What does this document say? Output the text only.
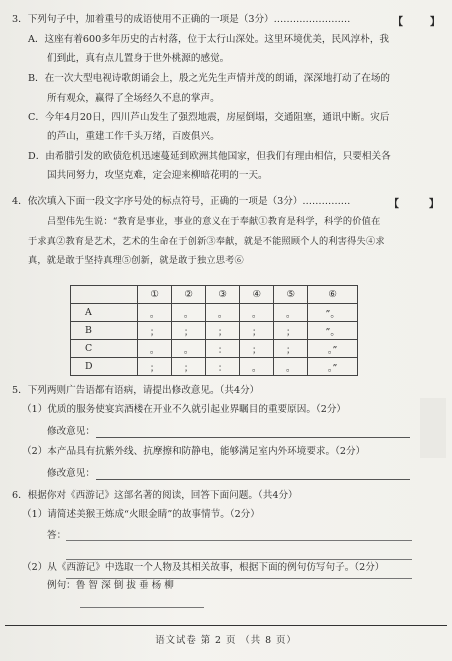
3．下列句子中，加着重号的成语使用不正确的一项是（3分）……………………	【	】
A．这座有着600多年历史的古村落，位于太行山深处。这里环境优美，民风淳朴，我
们到此，真有点儿置身于世外桃源的感觉。
B．在一次大型电视诗歌朗诵会上，殷之光先生声情并茂的朗诵，深深地打动了在场的
所有观众，赢得了全场经久不息的掌声。
C．今年4月20日，四川芦山发生了强烈地震，房屋倒塌，交通阻塞，通讯中断。灾后
的芦山，重建工作千头万绪，百废俱兴。
D．由希腊引发的欧债危机迅速蔓延到欧洲其他国家，但我们有理由相信，只要相关各
国共同努力，攻坚克难，定会迎来柳暗花明的一天。
4．依次填入下面一段文字序号处的标点符号，正确的一项是（3分）……………	【	】
吕型伟先生说：“教育是事业，事业的意义在于奉献①教育是科学，科学的价值在
于求真②教育是艺术，艺术的生命在于创新③奉献，就是不能照顾个人的利害得失④求
真，就是敢于坚持真理⑤创新，就是敢于独立思考⑥
	①	②	③	④	⑤	⑥
A	。	。	。	。	。	”。
B	；	；	；	；	；	”。
C	。	。	：	；	；	。”
D	；	；	：	。	。	。”
5．下列两则广告语都有语病，请提出修改意见。（共4分）
（1）优质的服务使宴宾酒楼在开业不久就引起业界瞩目的重要原因。（2分）
修改意见：
（2）本产品具有抗紫外线、抗摩擦和防静电，能够满足室内外环境要求。（2分）
修改意见：
6．根据你对《西游记》这部名著的阅读，回答下面问题。（共4分）
（1）请简述美猴王炼成“火眼金睛”的故事情节。（2分）
答：
（2）从《西游记》中选取一个人物及其相关故事，根据下面的例句仿写句子。（2分）
例句：鲁 智 深 倒 拔 垂 杨 柳
语文试卷 第 2 页 （共 8 页）
